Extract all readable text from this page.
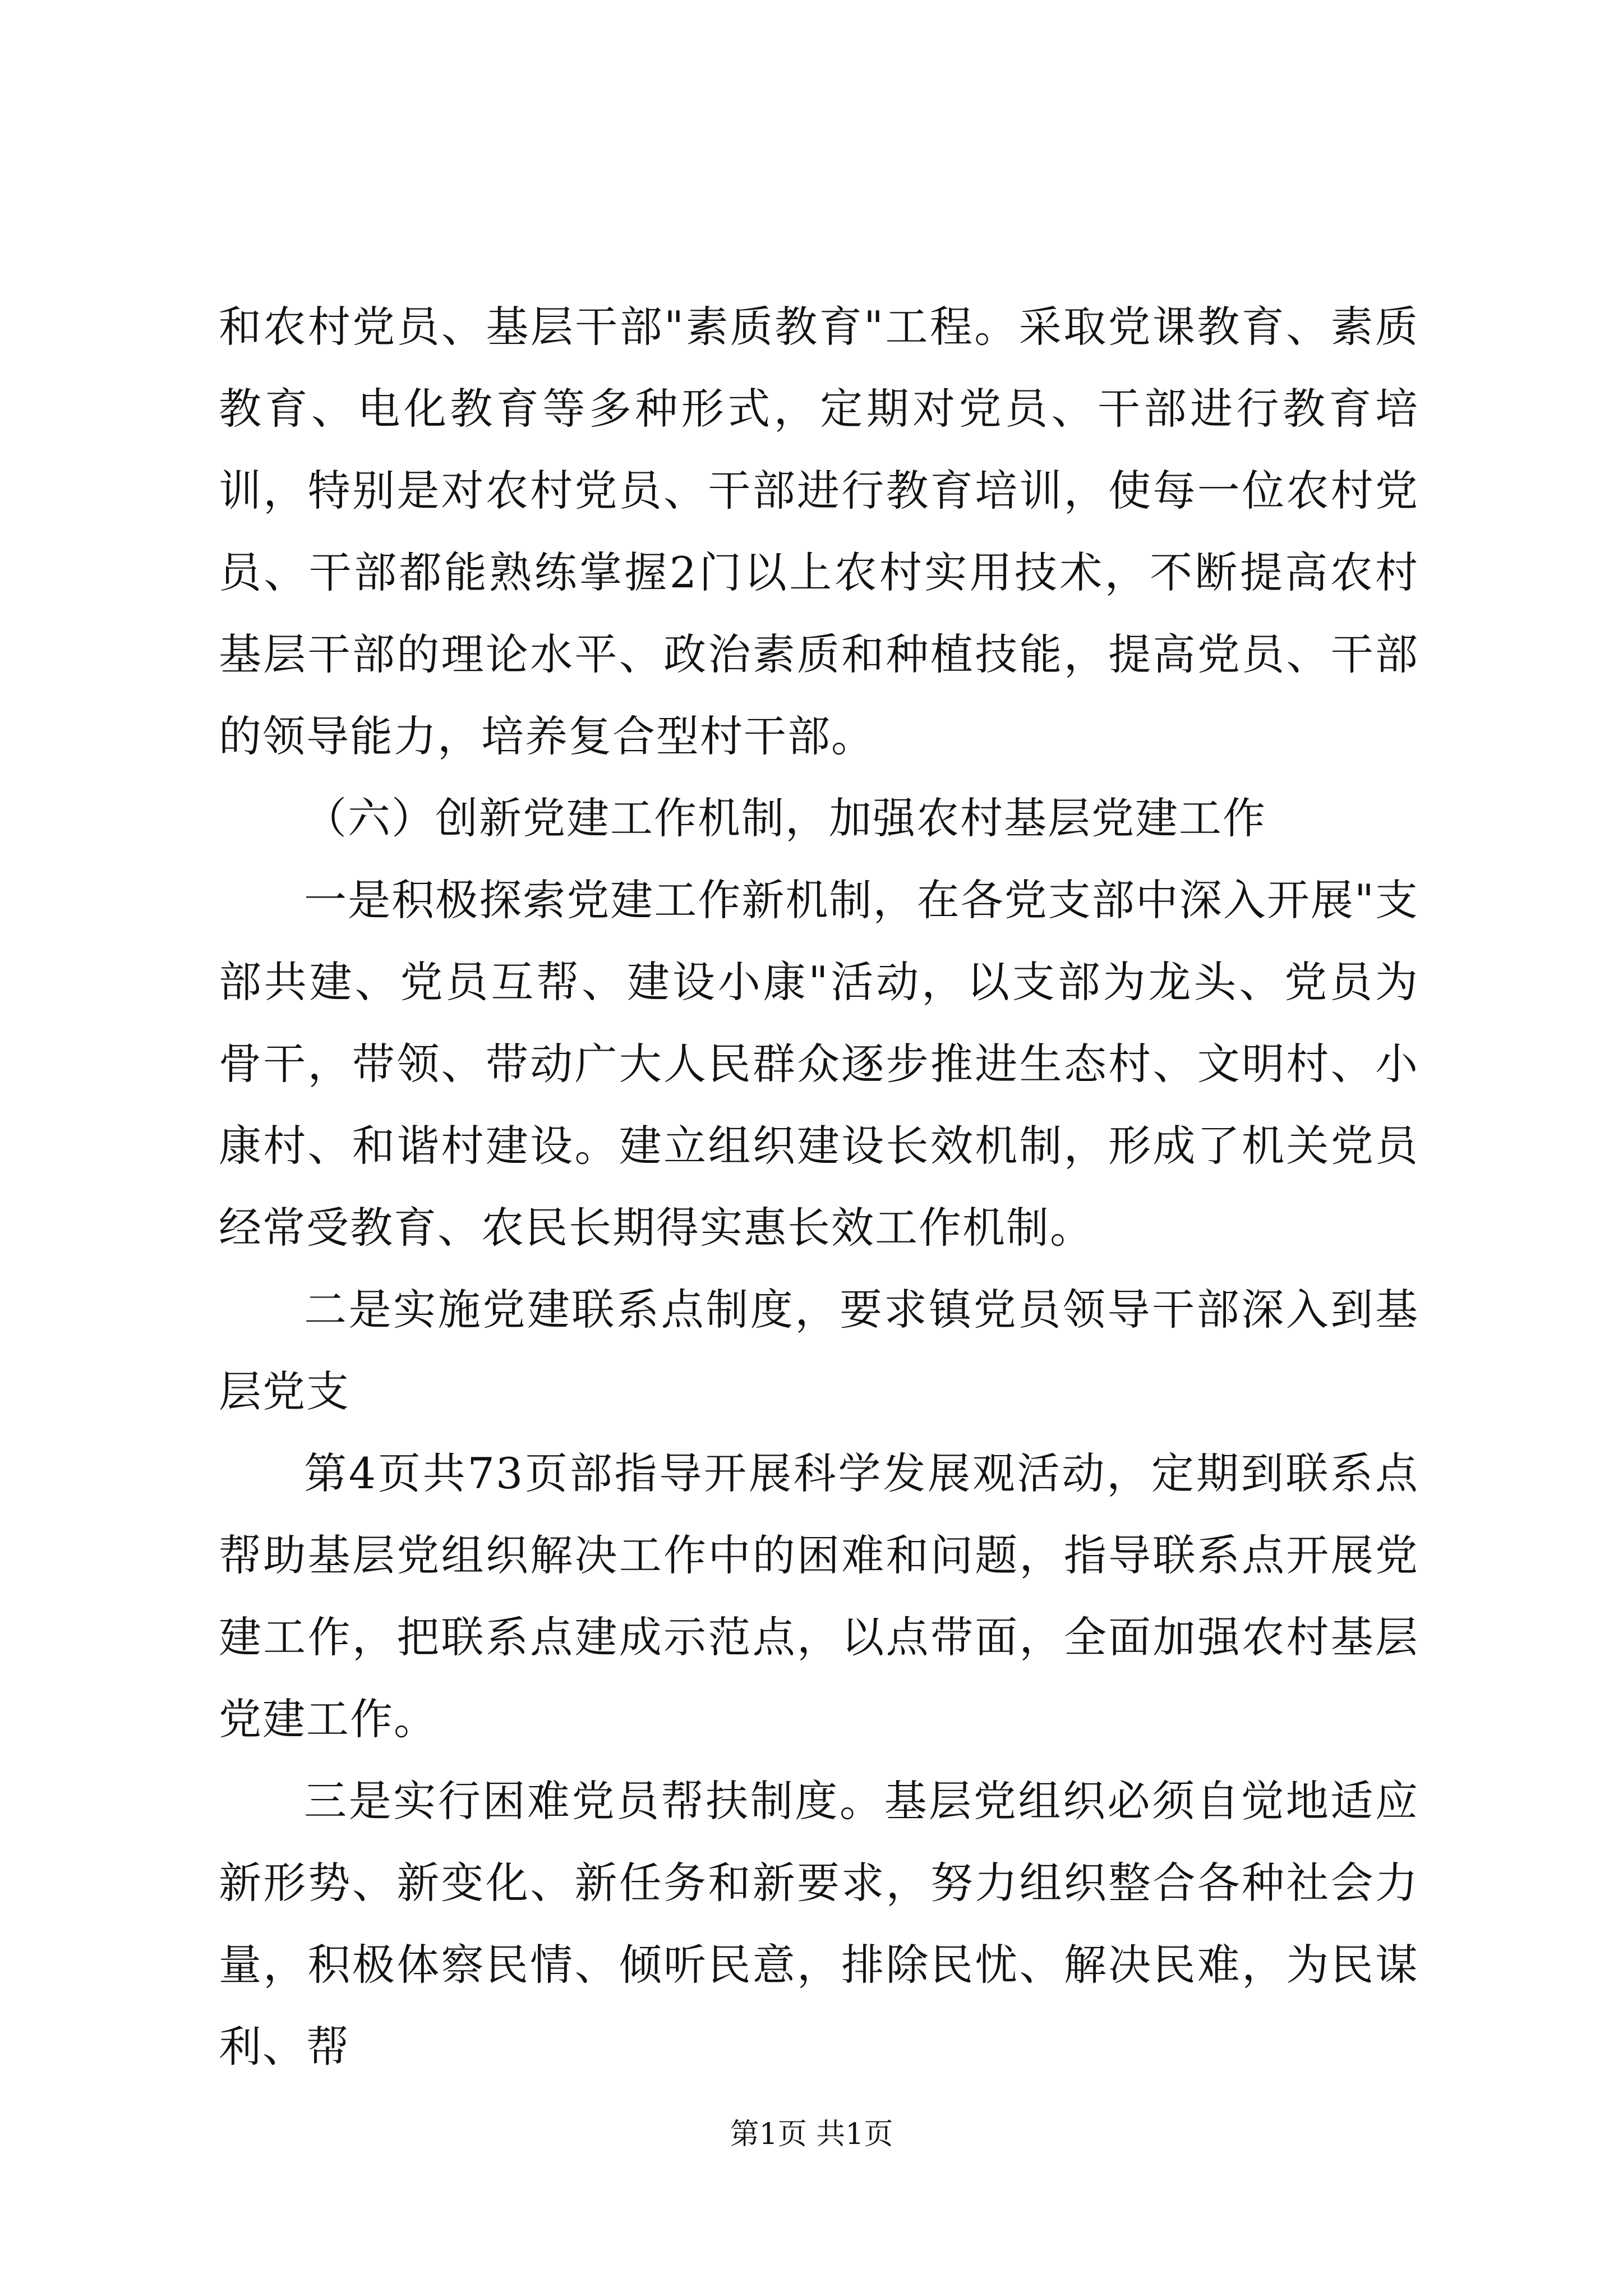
和农村党员、基层干部"素质教育"工程。采取党课教育、素质教育、电化教育等多种形式，定期对党员、干部进行教育培训，特别是对农村党员、干部进行教育培训，使每一位农村党员、干部都能熟练掌握2门以上农村实用技术，不断提高农村基层干部的理论水平、政治素质和种植技能，提高党员、干部的领导能力，培养复合型村干部。

（六）创新党建工作机制，加强农村基层党建工作

一是积极探索党建工作新机制，在各党支部中深入开展"支部共建、党员互帮、建设小康"活动，以支部为龙头、党员为骨干，带领、带动广大人民群众逐步推进生态村、文明村、小康村、和谐村建设。建立组织建设长效机制，形成了机关党员经常受教育、农民长期得实惠长效工作机制。

二是实施党建联系点制度，要求镇党员领导干部深入到基层党支

第4页共73页部指导开展科学发展观活动，定期到联系点帮助基层党组织解决工作中的困难和问题，指导联系点开展党建工作，把联系点建成示范点，以点带面，全面加强农村基层党建工作。

三是实行困难党员帮扶制度。基层党组织必须自觉地适应新形势、新变化、新任务和新要求，努力组织整合各种社会力量，积极体察民情、倾听民意，排除民忧、解决民难，为民谋利、帮

第1页 共1页
